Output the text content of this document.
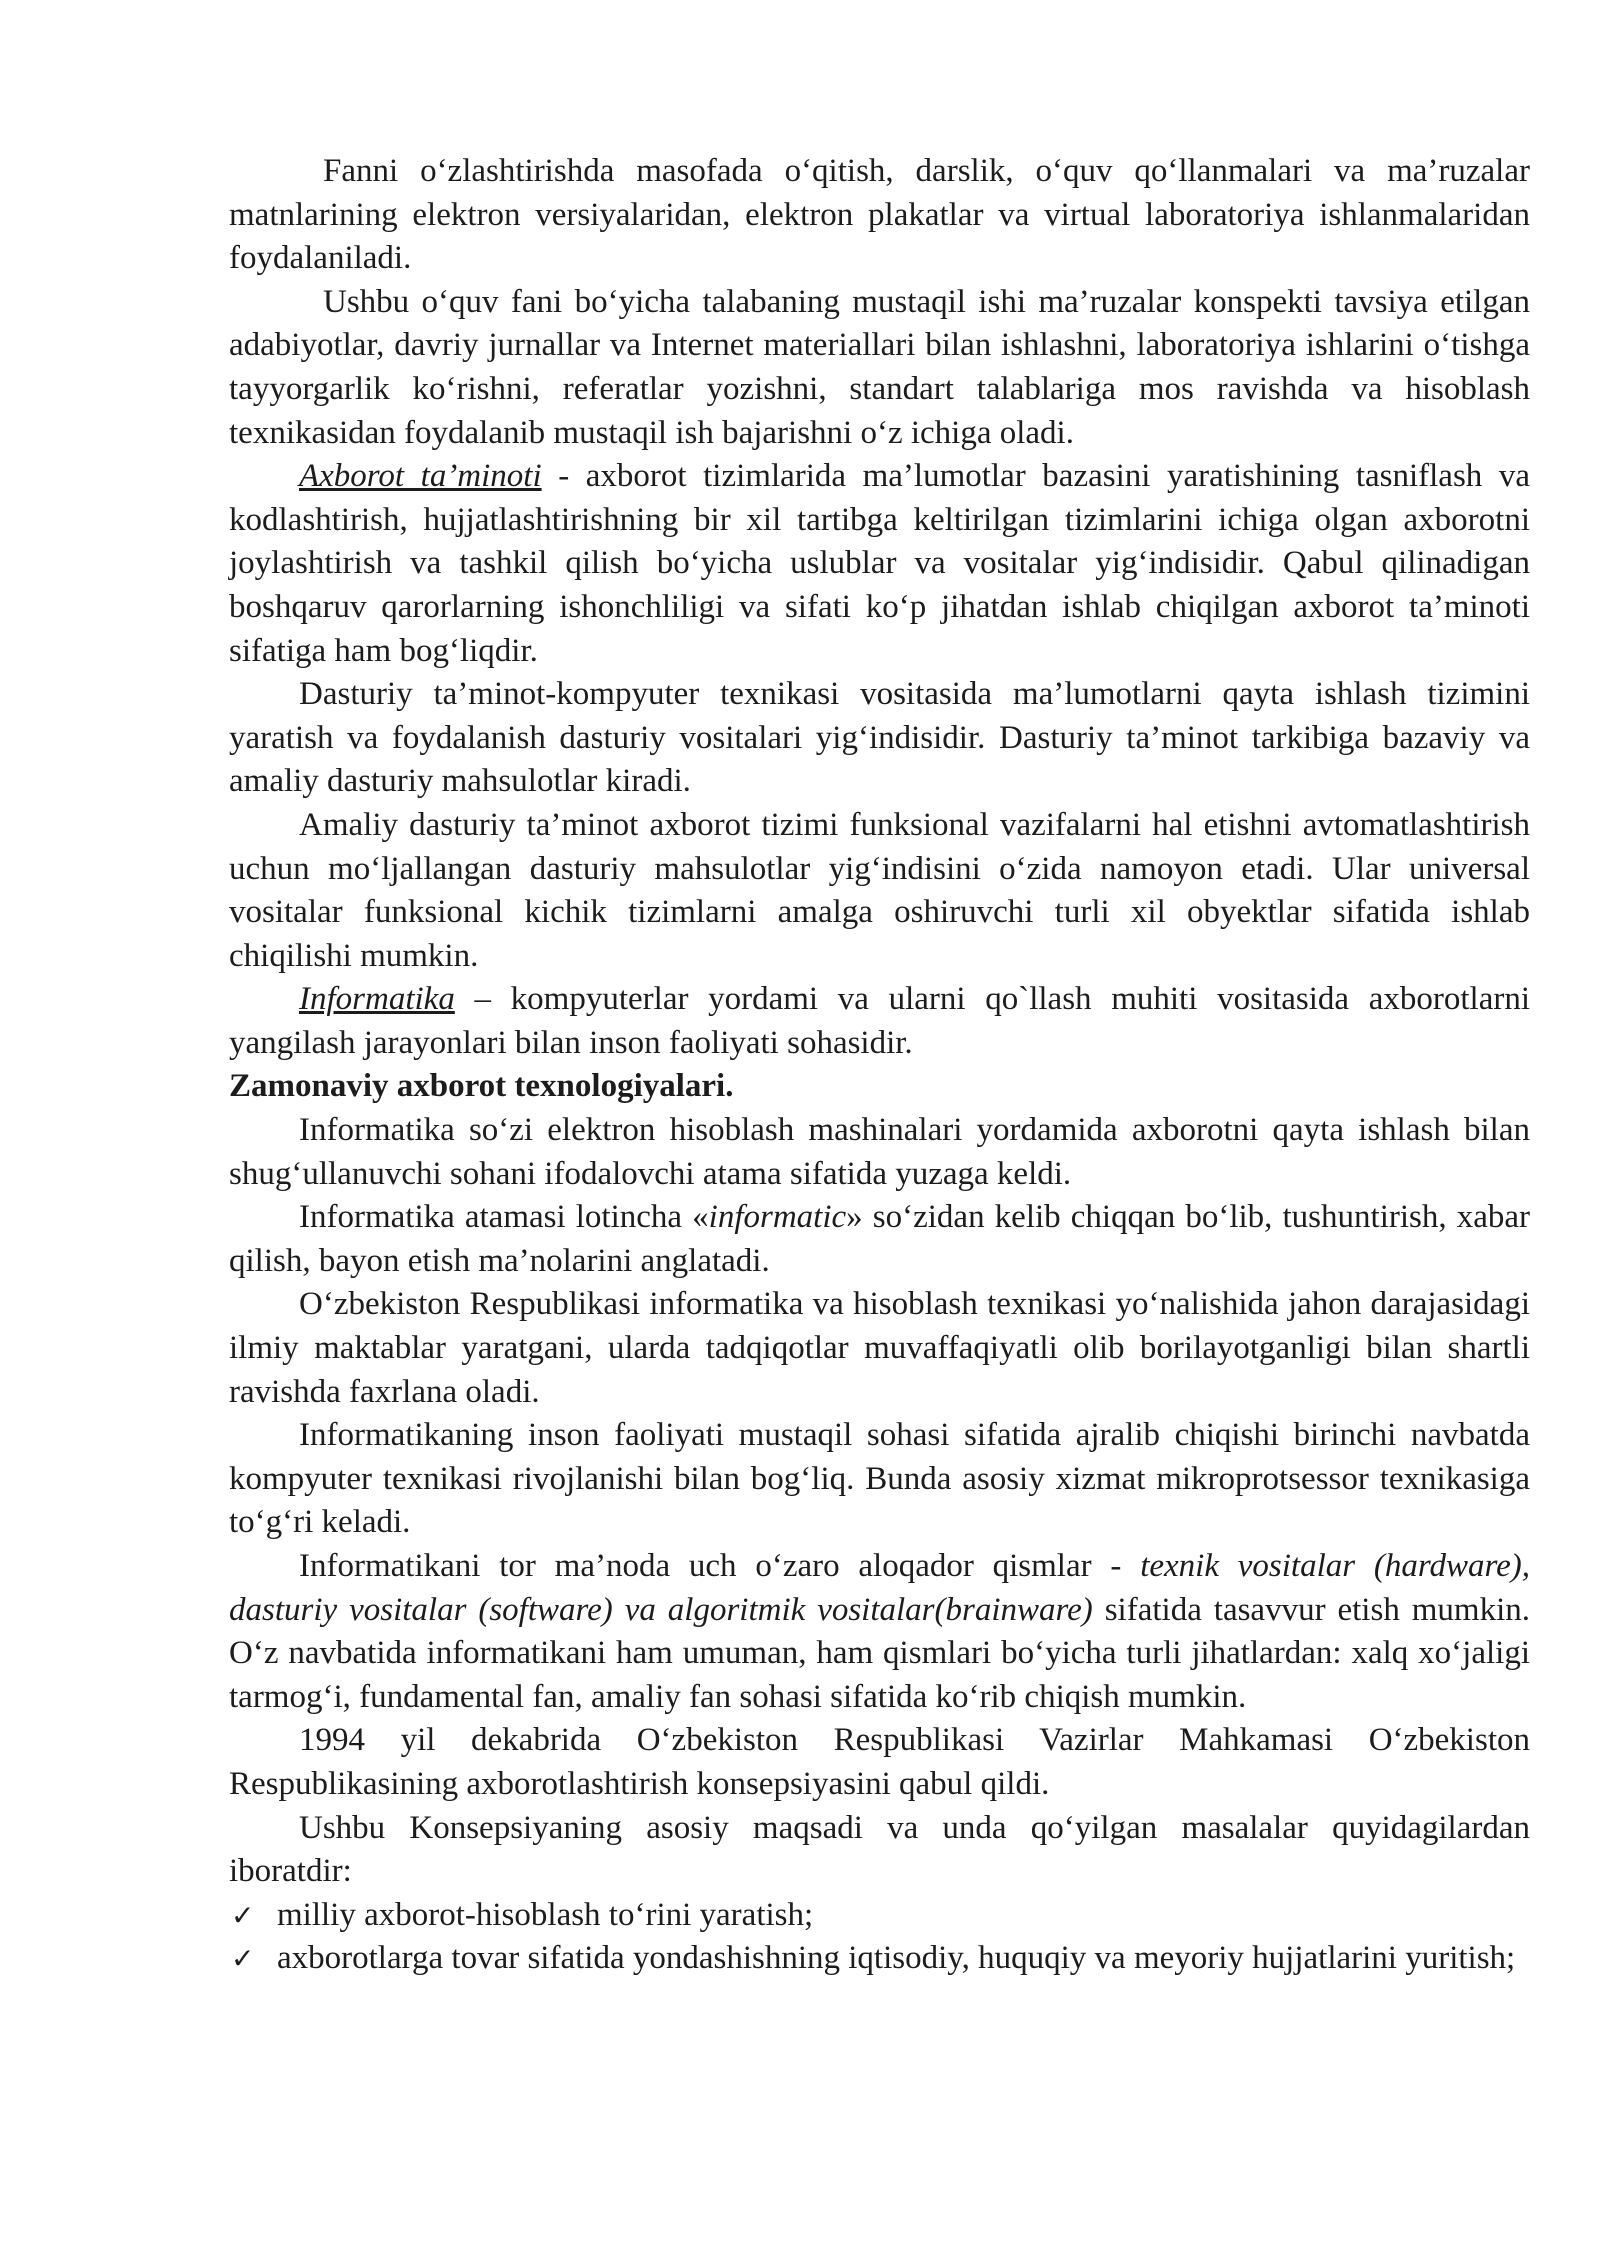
Fanni o‘zlashtirishda masofada o‘qitish, darslik, o‘quv qo‘llanmalari va ma’ruzalar matnlarining elektron versiyalaridan, elektron plakatlar va virtual laboratoriya ishlanmalaridan foydalaniladi.

Ushbu o‘quv fani bo‘yicha talabaning mustaqil ishi ma’ruzalar konspekti tavsiya etilgan adabiyotlar, davriy jurnallar va Internet materiallari bilan ishlashni, laboratoriya ishlarini o‘tishga tayyorgarlik ko‘rishni, referatlar yozishni, standart talablariga mos ravishda va hisoblash texnikasidan foydalanib mustaqil ish bajarishni o‘z ichiga oladi.

Axborot ta’minoti - axborot tizimlarida ma’lumotlar bazasini yaratishining tasniflash va kodlashtirish, hujjatlashtirishning bir xil tartibga keltirilgan tizimlarini ichiga olgan axborotni joylashtirish va tashkil qilish bo‘yicha uslublar va vositalar yig‘indisidir. Qabul qilinadigan boshqaruv qarorlarning ishonchliligi va sifati ko‘p jihatdan ishlab chiqilgan axborot ta’minoti sifatiga ham bog‘liqdir.

Dasturiy ta’minot-kompyuter texnikasi vositasida ma’lumotlarni qayta ishlash tizimini yaratish va foydalanish dasturiy vositalari yig‘indisidir. Dasturiy ta’minot tarkibiga bazaviy va amaliy dasturiy mahsulotlar kiradi.

Amaliy dasturiy ta’minot axborot tizimi funksional vazifalarni hal etishni avtomatlashtirish uchun mo‘ljallangan dasturiy mahsulotlar yig‘indisini o‘zida namoyon etadi. Ular universal vositalar funksional kichik tizimlarni amalga oshiruvchi turli xil obyektlar sifatida ishlab chiqilishi mumkin.

Informatika – kompyuterlar yordami va ularni qo`llash muhiti vositasida axborotlarni yangilash jarayonlari bilan inson faoliyati sohasidir.

Zamonaviy axborot texnologiyalari.

Informatika so‘zi elektron hisoblash mashinalari yordamida axborotni qayta ishlash bilan shug‘ullanuvchi sohani ifodalovchi atama sifatida yuzaga keldi.

Informatika atamasi lotincha «informatic» so‘zidan kelib chiqqan bo‘lib, tushuntirish, xabar qilish, bayon etish ma’nolarini anglatadi.

O‘zbekiston Respublikasi informatika va hisoblash texnikasi yo‘nalishida jahon darajasidagi ilmiy maktablar yaratgani, ularda tadqiqotlar muvaffaqiyatli olib borilayotganligi bilan shartli ravishda faxrlana oladi.

Informatikaning inson faoliyati mustaqil sohasi sifatida ajralib chiqishi birinchi navbatda kompyuter texnikasi rivojlanishi bilan bog‘liq. Bunda asosiy xizmat mikroprotsessor texnikasiga to‘g‘ri keladi.

Informatikani tor ma’noda uch o‘zaro aloqador qismlar - texnik vositalar (hardware), dasturiy vositalar (software) va algoritmik vositalar(brainware) sifatida tasavvur etish mumkin. O‘z navbatida informatikani ham umuman, ham qismlari bo‘yicha turli jihatlardan: xalq xo‘jaligi tarmog‘i, fundamental fan, amaliy fan sohasi sifatida ko‘rib chiqish mumkin.

1994 yil dekabrida O‘zbekiston Respublikasi Vazirlar Mahkamasi O‘zbekiston Respublikasining axborotlashtirish konsepsiyasini qabul qildi.

Ushbu Konsepsiyaning asosiy maqsadi va unda qo‘yilgan masalalar quyidagilardan iboratdir:

✓ milliy axborot-hisoblash to‘rini yaratish;
✓ axborotlarga tovar sifatida yondashishning iqtisodiy, huquqiy va meyoriy hujjatlarini yuritish;
